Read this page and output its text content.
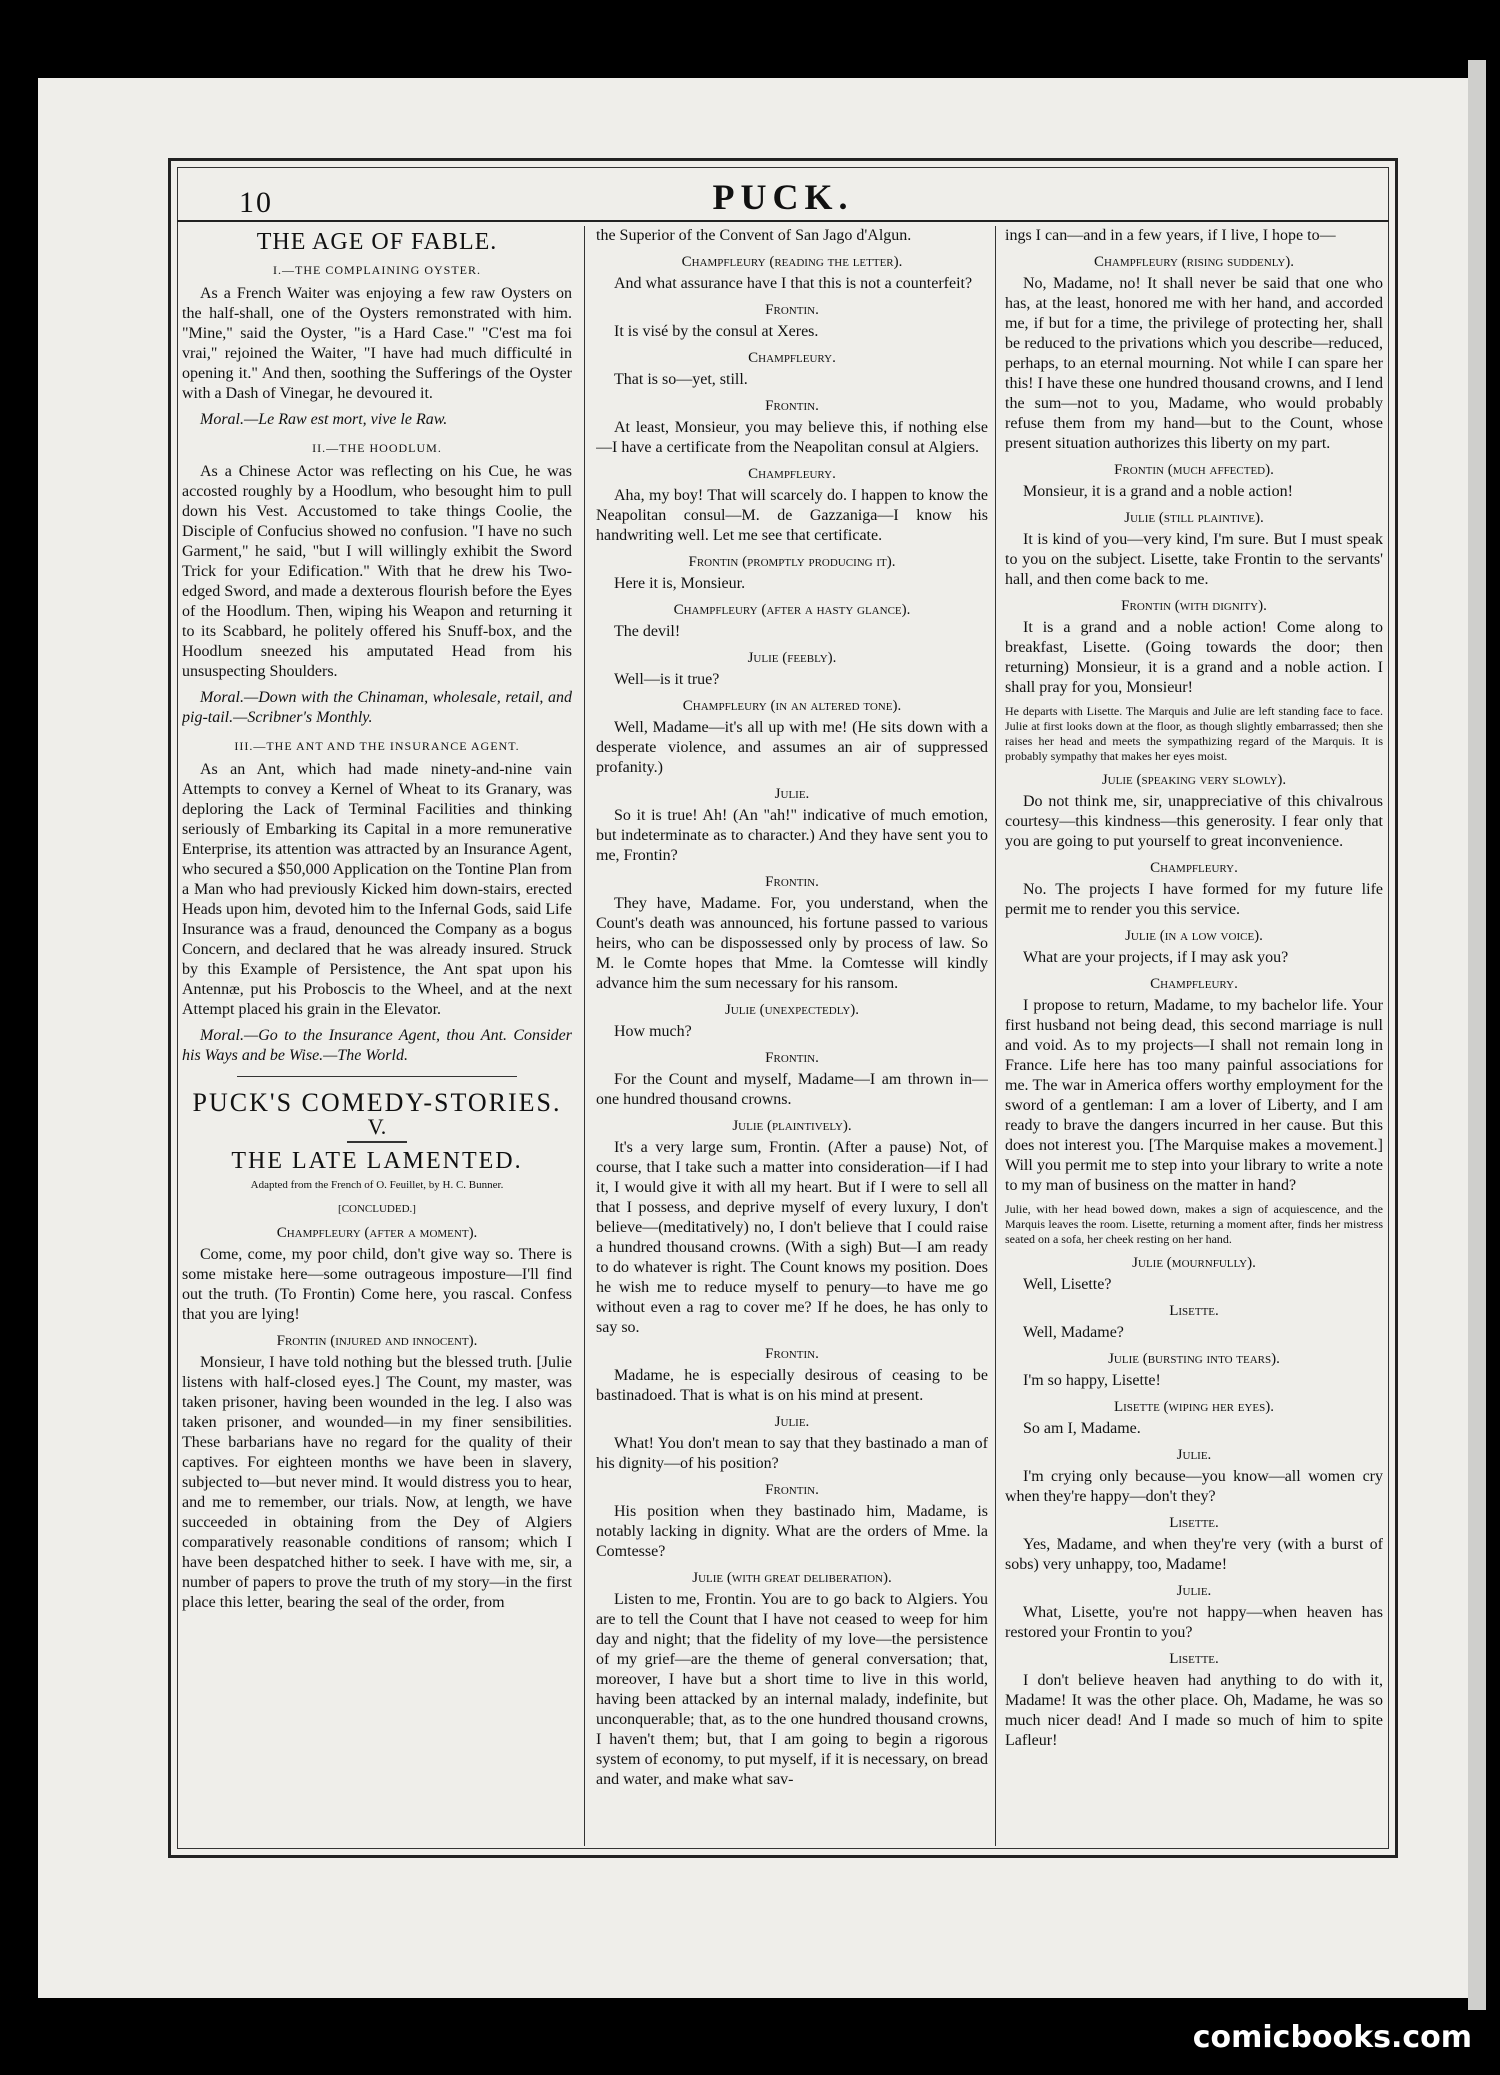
10	PUCK.
THE AGE OF FABLE.
I.—THE COMPLAINING OYSTER.

As a French Waiter was enjoying a few raw Oysters on the half-shall, one of the Oysters remonstrated with him. "Mine," said the Oyster, "is a Hard Case." "C'est ma foi vrai," rejoined the Waiter, "I have had much difficulté in opening it." And then, soothing the Sufferings of the Oyster with a Dash of Vinegar, he devoured it.

Moral.—Le Raw est mort, vive le Raw.
II.—THE HOODLUM.

As a Chinese Actor was reflecting on his Cue, he was accosted roughly by a Hoodlum, who besought him to pull down his Vest. Accustomed to take things Coolie, the Disciple of Confucius showed no confusion. "I have no such Garment," he said, "but I will willingly exhibit the Sword Trick for your Edification." With that he drew his Two-edged Sword, and made a dexterous flourish before the Eyes of the Hoodlum. Then, wiping his Weapon and returning it to its Scabbard, he politely offered his Snuff-box, and the Hoodlum sneezed his amputated Head from his unsuspecting Shoulders.

Moral.—Down with the Chinaman, wholesale, retail, and pig-tail.—Scribner's Monthly.
III.—THE ANT AND THE INSURANCE AGENT.

As an Ant, which had made ninety-and-nine vain Attempts to convey a Kernel of Wheat to its Granary, was deploring the Lack of Terminal Facilities and thinking seriously of Embarking its Capital in a more remunerative Enterprise, its attention was attracted by an Insurance Agent, who secured a $50,000 Application on the Tontine Plan from a Man who had previously Kicked him down-stairs, erected Heads upon him, devoted him to the Infernal Gods, said Life Insurance was a fraud, denounced the Company as a bogus Concern, and declared that he was already insured. Struck by this Example of Persistence, the Ant spat upon his Antennæ, put his Proboscis to the Wheel, and at the next Attempt placed his grain in the Elevator.

Moral.—Go to the Insurance Agent, thou Ant. Consider his Ways and be Wise.—The World.
PUCK'S COMEDY-STORIES.
V.
THE LATE LAMENTED.
Adapted from the French of O. Feuillet, by H. C. Bunner.
[CONCLUDED.]
Champfleury (after a moment).

Come, come, my poor child, don't give way so. There is some mistake here—some outrageous imposture—I'll find out the truth. (To Frontin) Come here, you rascal. Confess that you are lying!

Frontin (injured and innocent).

Monsieur, I have told nothing but the blessed truth. [Julie listens with half-closed eyes.] The Count, my master, was taken prisoner, having been wounded in the leg. I also was taken prisoner, and wounded—in my finer sensibilities. These barbarians have no regard for the quality of their captives. For eighteen months we have been in slavery, subjected to—but never mind. It would distress you to hear, and me to remember, our trials. Now, at length, we have succeeded in obtaining from the Dey of Algiers comparatively reasonable conditions of ransom; which I have been despatched hither to seek. I have with me, sir, a number of papers to prove the truth of my story—in the first place this letter, bearing the seal of the order, from

the Superior of the Convent of San Jago d'Algun.

Champfleury (reading the letter).

And what assurance have I that this is not a counterfeit?

Frontin.

It is visé by the consul at Xeres.

Champfleury.

That is so—yet, still.

Frontin.

At least, Monsieur, you may believe this, if nothing else—I have a certificate from the Neapolitan consul at Algiers.

Champfleury.

Aha, my boy! That will scarcely do. I happen to know the Neapolitan consul—M. de Gazzaniga—I know his handwriting well. Let me see that certificate.

Frontin (promptly producing it).

Here it is, Monsieur.

Champfleury (after a hasty glance).

The devil!

Julie (feebly).

Well—is it true?

Champfleury (in an altered tone).

Well, Madame—it's all up with me! (He sits down with a desperate violence, and assumes an air of suppressed profanity.)

Julie.

So it is true! Ah! (An "ah!" indicative of much emotion, but indeterminate as to character.) And they have sent you to me, Frontin?

Frontin.

They have, Madame. For, you understand, when the Count's death was announced, his fortune passed to various heirs, who can be dispossessed only by process of law. So M. le Comte hopes that Mme. la Comtesse will kindly advance him the sum necessary for his ransom.

Julie (unexpectedly).

How much?

Frontin.

For the Count and myself, Madame—I am thrown in—one hundred thousand crowns.

Julie (plaintively).

It's a very large sum, Frontin. (After a pause) Not, of course, that I take such a matter into consideration—if I had it, I would give it with all my heart. But if I were to sell all that I possess, and deprive myself of every luxury, I don't believe—(meditatively) no, I don't believe that I could raise a hundred thousand crowns. (With a sigh) But—I am ready to do whatever is right. The Count knows my position. Does he wish me to reduce myself to penury—to have me go without even a rag to cover me? If he does, he has only to say so.

Frontin.

Madame, he is especially desirous of ceasing to be bastinadoed. That is what is on his mind at present.

Julie.

What! You don't mean to say that they bastinado a man of his dignity—of his position?

Frontin.

His position when they bastinado him, Madame, is notably lacking in dignity. What are the orders of Mme. la Comtesse?

Julie (with great deliberation).

Listen to me, Frontin. You are to go back to Algiers. You are to tell the Count that I have not ceased to weep for him day and night; that the fidelity of my love—the persistence of my grief—are the theme of general conversation; that, moreover, I have but a short time to live in this world, having been attacked by an internal malady, indefinite, but unconquerable; that, as to the one hundred thousand crowns, I haven't them; but, that I am going to begin a rigorous system of economy, to put myself, if it is necessary, on bread and water, and make what sav-

ings I can—and in a few years, if I live, I hope to—

Champfleury (rising suddenly).

No, Madame, no! It shall never be said that one who has, at the least, honored me with her hand, and accorded me, if but for a time, the privilege of protecting her, shall be reduced to the privations which you describe—reduced, perhaps, to an eternal mourning. Not while I can spare her this! I have these one hundred thousand crowns, and I lend the sum—not to you, Madame, who would probably refuse them from my hand—but to the Count, whose present situation authorizes this liberty on my part.

Frontin (much affected).

Monsieur, it is a grand and a noble action!

Julie (still plaintive).

It is kind of you—very kind, I'm sure. But I must speak to you on the subject. Lisette, take Frontin to the servants' hall, and then come back to me.

Frontin (with dignity).

It is a grand and a noble action! Come along to breakfast, Lisette. (Going towards the door; then returning) Monsieur, it is a grand and a noble action. I shall pray for you, Monsieur!

He departs with Lisette. The Marquis and Julie are left standing face to face. Julie at first looks down at the floor, as though slightly embarrassed; then she raises her head and meets the sympathizing regard of the Marquis. It is probably sympathy that makes her eyes moist.

Julie (speaking very slowly).

Do not think me, sir, unappreciative of this chivalrous courtesy—this kindness—this generosity. I fear only that you are going to put yourself to great inconvenience.

Champfleury.

No. The projects I have formed for my future life permit me to render you this service.

Julie (in a low voice).

What are your projects, if I may ask you?

Champfleury.

I propose to return, Madame, to my bachelor life. Your first husband not being dead, this second marriage is null and void. As to my projects—I shall not remain long in France. Life here has too many painful associations for me. The war in America offers worthy employment for the sword of a gentleman: I am a lover of Liberty, and I am ready to brave the dangers incurred in her cause. But this does not interest you. [The Marquise makes a movement.] Will you permit me to step into your library to write a note to my man of business on the matter in hand?

Julie, with her head bowed down, makes a sign of acquiescence, and the Marquis leaves the room. Lisette, returning a moment after, finds her mistress seated on a sofa, her cheek resting on her hand.

Julie (mournfully).

Well, Lisette?

Lisette.

Well, Madame?

Julie (bursting into tears).

I'm so happy, Lisette!

Lisette (wiping her eyes).

So am I, Madame.

Julie.

I'm crying only because—you know—all women cry when they're happy—don't they?

Lisette.

Yes, Madame, and when they're very (with a burst of sobs) very unhappy, too, Madame!

Julie.

What, Lisette, you're not happy—when heaven has restored your Frontin to you?

Lisette.

I don't believe heaven had anything to do with it, Madame! It was the other place. Oh, Madame, he was so much nicer dead! And I made so much of him to spite Lafleur!

comicbooks.com
